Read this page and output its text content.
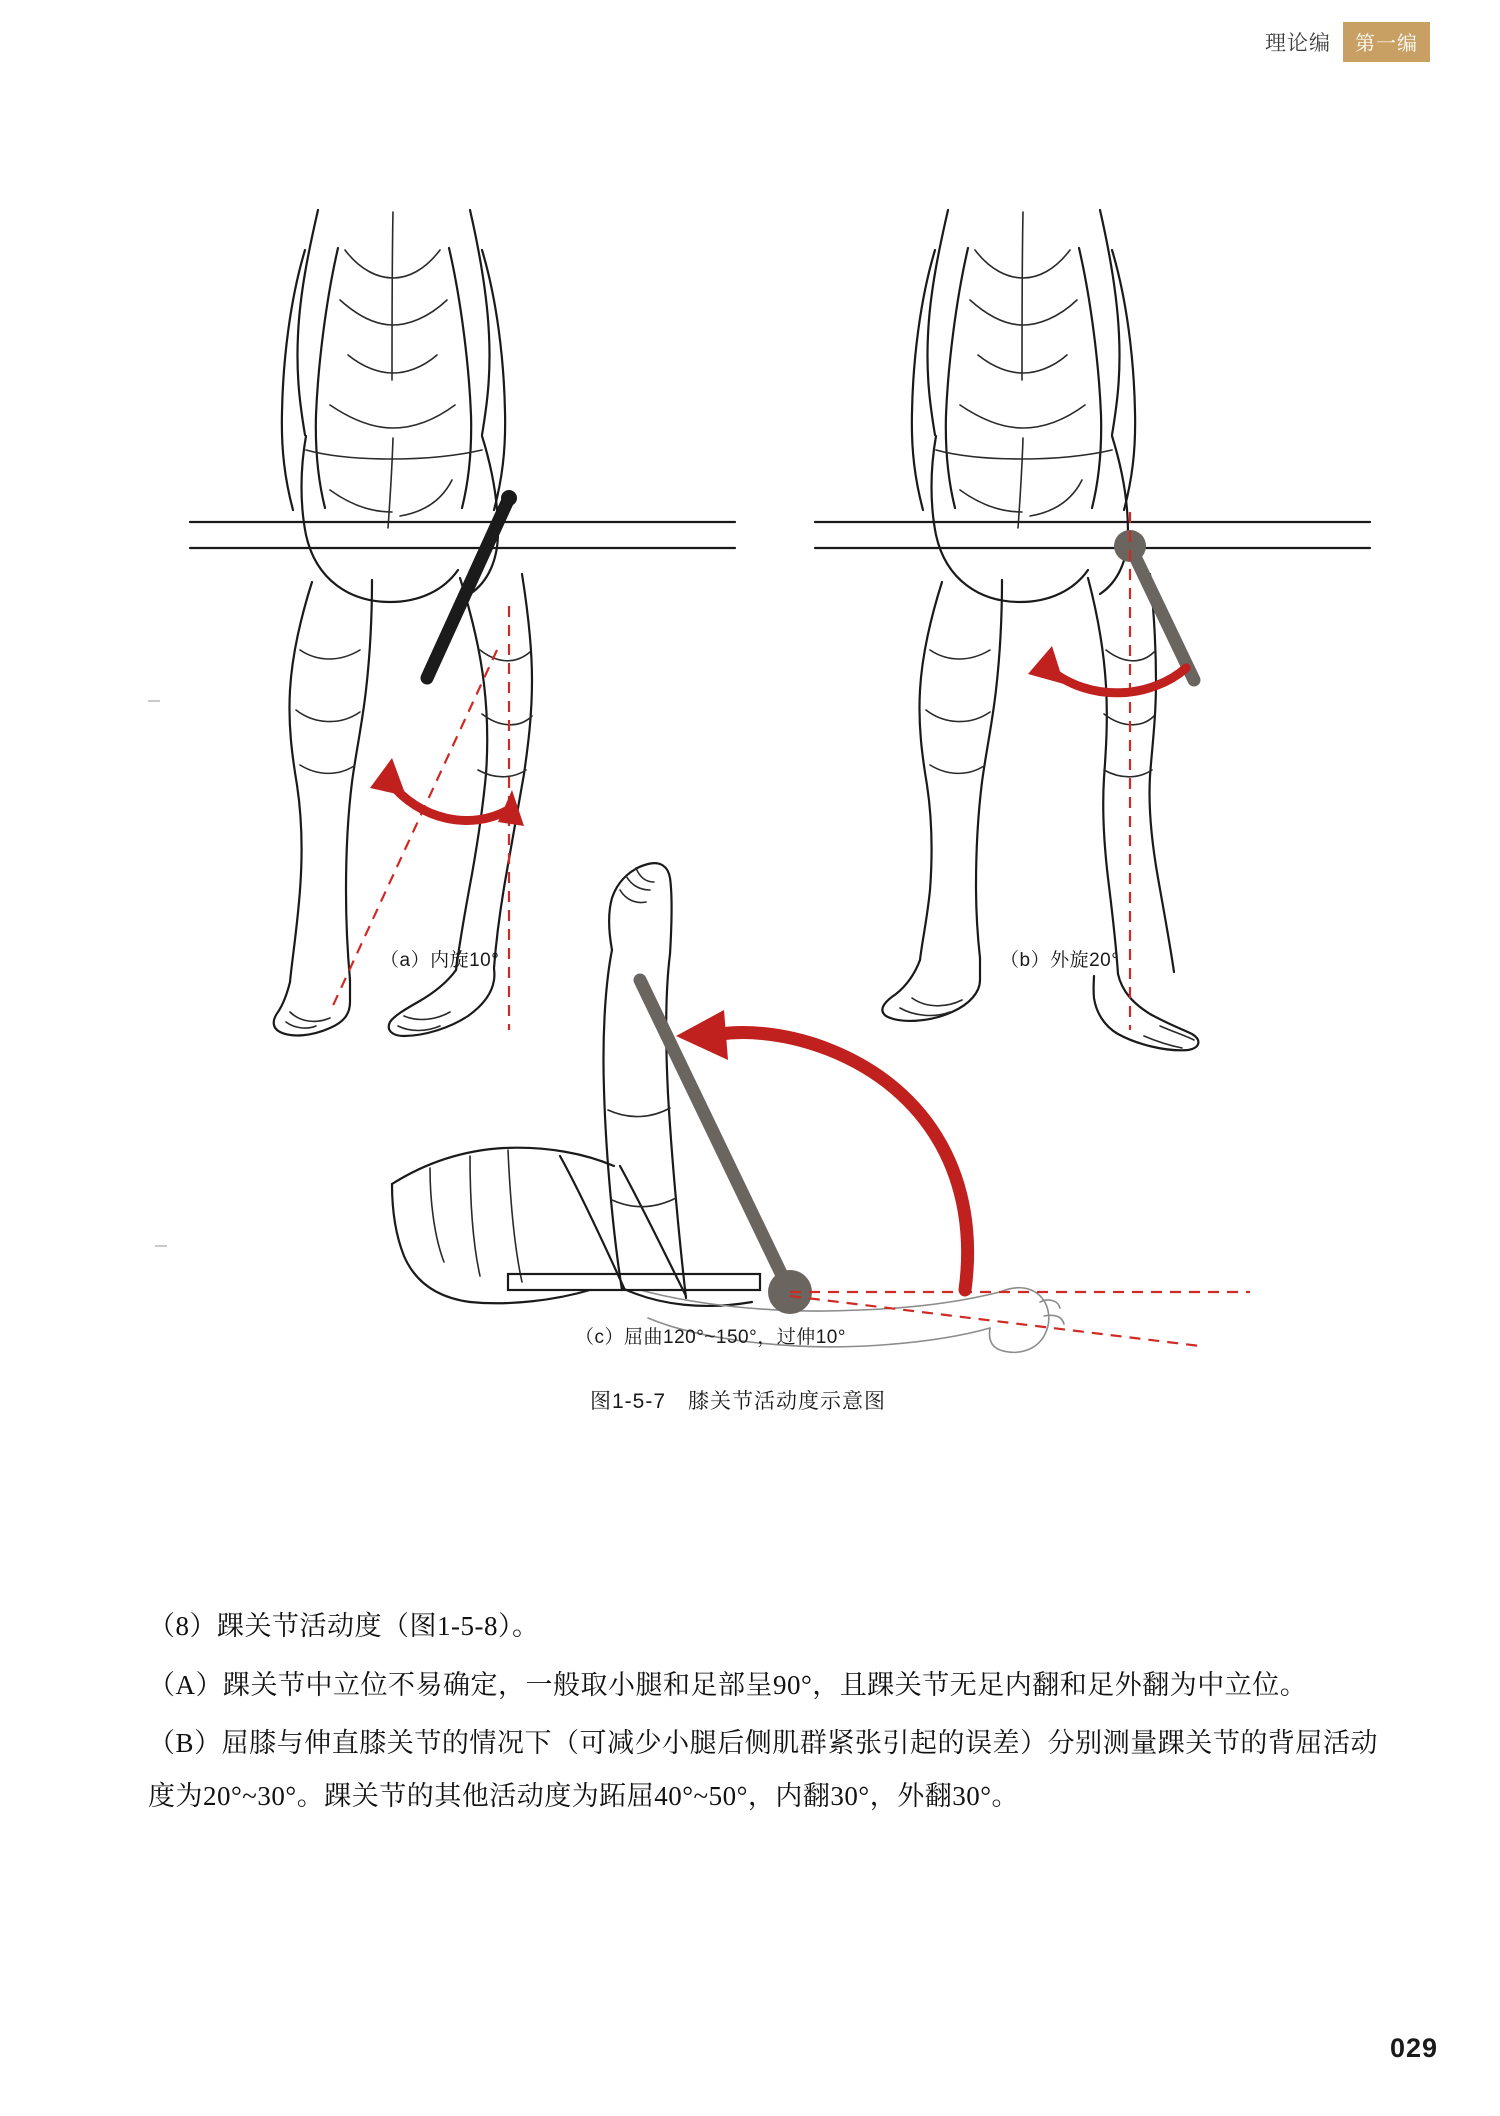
理论编	第一编
（a）内旋10°	（b）外旋20°
（c）屈曲120°~150°，过伸10°
图1-5-7　膝关节活动度示意图

（8）踝关节活动度（图1-5-8）。

（A）踝关节中立位不易确定，一般取小腿和足部呈90°，且踝关节无足内翻和足外翻为中立位。

（B）屈膝与伸直膝关节的情况下（可减少小腿后侧肌群紧张引起的误差）分别测量踝关节的背屈活动度为20°~30°。踝关节的其他活动度为跖屈40°~50°，内翻30°，外翻30°。

029
